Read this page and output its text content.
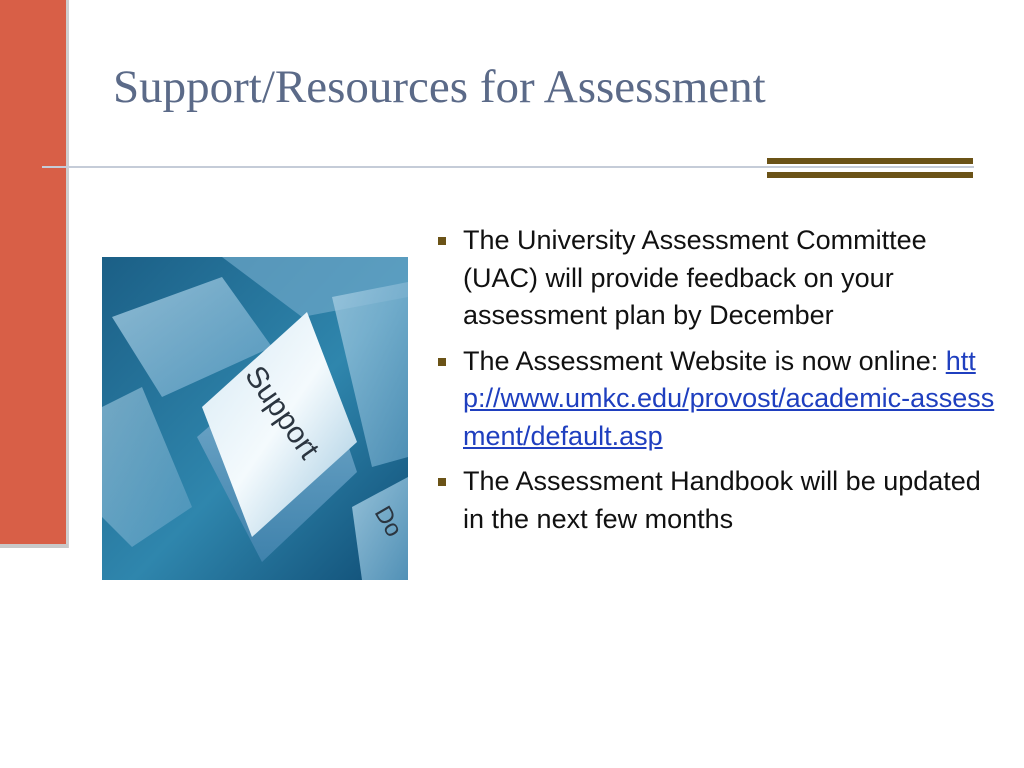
Support/Resources for Assessment
Support
Do
The University Assessment Committee (UAC) will provide feedback on your assessment plan by December
The Assessment Website is now online: http://www.umkc.edu/provost/academic-assessment/default.asp
The Assessment Handbook will be updated in the next few months
